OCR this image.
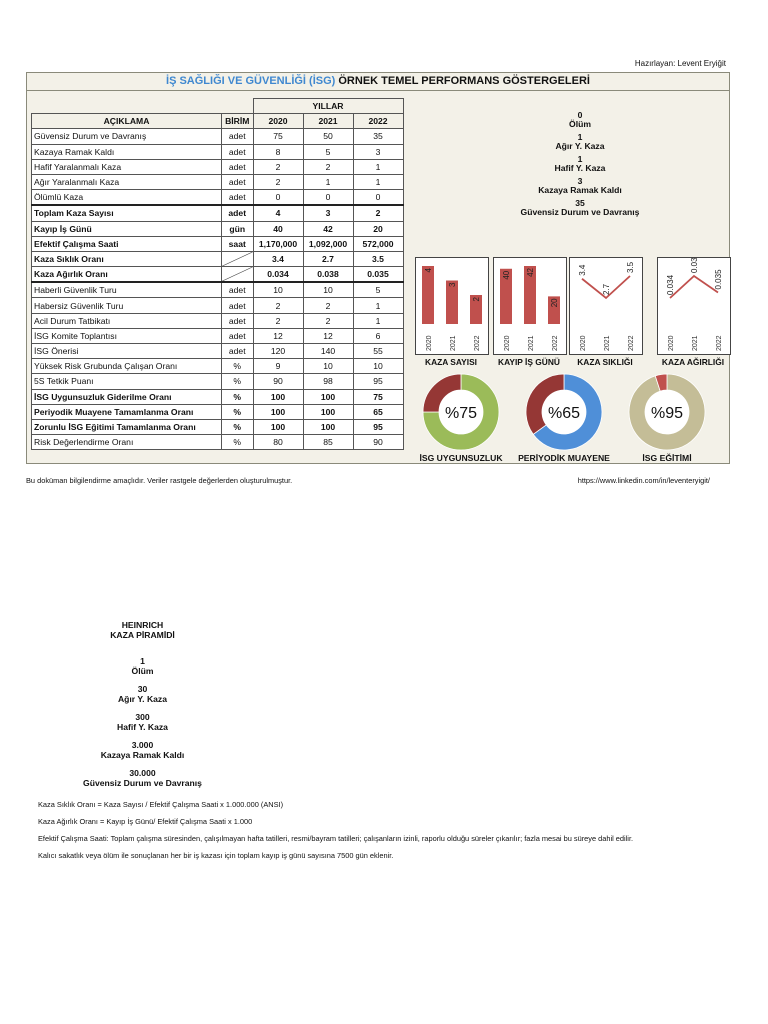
Hazırlayan: Levent Eryiğit
İŞ SAĞLIĞI VE GÜVENLİĞİ (İSG) ÖRNEK TEMEL PERFORMANS GÖSTERGELERİ
		YILLAR		
AÇIKLAMA	BİRİM	2020	2021	2022
Güvensiz Durum ve Davranış	adet	75	50	35
Kazaya Ramak Kaldı	adet	8	5	3
Hafif Yaralanmalı Kaza	adet	2	2	1
Ağır Yaralanmalı Kaza	adet	2	1	1
Ölümlü Kaza	adet	0	0	0
Toplam Kaza Sayısı	adet	4	3	2
Kayıp İş Günü	gün	40	42	20
Efektif Çalışma Saati	saat	1,170,000	1,092,000	572,000
Kaza Sıklık Oranı		3.4	2.7	3.5
Kaza Ağırlık Oranı		0.034	0.038	0.035
Haberli Güvenlik Turu	adet	10	10	5
Habersiz Güvenlik Turu	adet	2	2	1
Acil Durum Tatbikatı	adet	2	2	1
İSG Komite Toplantısı	adet	12	12	6
İSG Önerisi	adet	120	140	55
Yüksek Risk Grubunda Çalışan Oranı	%	9	10	10
5S Tetkik Puanı	%	90	98	95
İSG Uygunsuzluk Giderilme Oranı	%	100	100	75
Periyodik Muayene Tamamlanma Oranı	%	100	100	65
Zorunlu İSG Eğitimi Tamamlanma Oranı	%	100	100	95
Risk Değerlendirme Oranı	%	80	85	90
0
Ölüm
1
Ağır Y. Kaza
1
Hafif Y. Kaza
3
Kazaya Ramak Kaldı
35
Güvensiz Durum ve Davranış
4
2020
3
2021
2
2022
KAZA SAYISI
40
2020
42
2021
20
2022
KAYIP İŞ GÜNÜ
2020 2021 2022
3.4
2.7
3.5
KAZA SIKLIĞI
2020 2021 2022
0.034
0.038
0.035
KAZA AĞIRLIĞI
%75
İSG UYGUNSUZLUK
%65
PERİYODİK MUAYENE
%95
İSG EĞİTİMİ
Bu doküman bilgilendirme amaçlıdır. Veriler rastgele değerlerden oluşturulmuştur.	https://www.linkedin.com/in/leventeryigit/
HEINRICH
KAZA PİRAMİDİ
1
Ölüm
30
Ağır Y. Kaza
300
Hafif Y. Kaza
3.000
Kazaya Ramak Kaldı
30.000
Güvensiz Durum ve Davranış
Kaza Sıklık Oranı = Kaza Sayısı / Efektif Çalışma Saati x 1.000.000 (ANSI)
Kaza Ağırlık Oranı = Kayıp İş Günü/ Efektif Çalışma Saati x 1.000
Efektif Çalışma Saati: Toplam çalışma süresinden, çalışılmayan hafta tatilleri, resmi/bayram tatilleri; çalışanların izinli, raporlu olduğu süreler çıkarılır; fazla mesai bu süreye dahil edilir.
Kalıcı sakatlık veya ölüm ile sonuçlanan her bir iş kazası için toplam kayıp iş günü sayısına 7500 gün eklenir.
